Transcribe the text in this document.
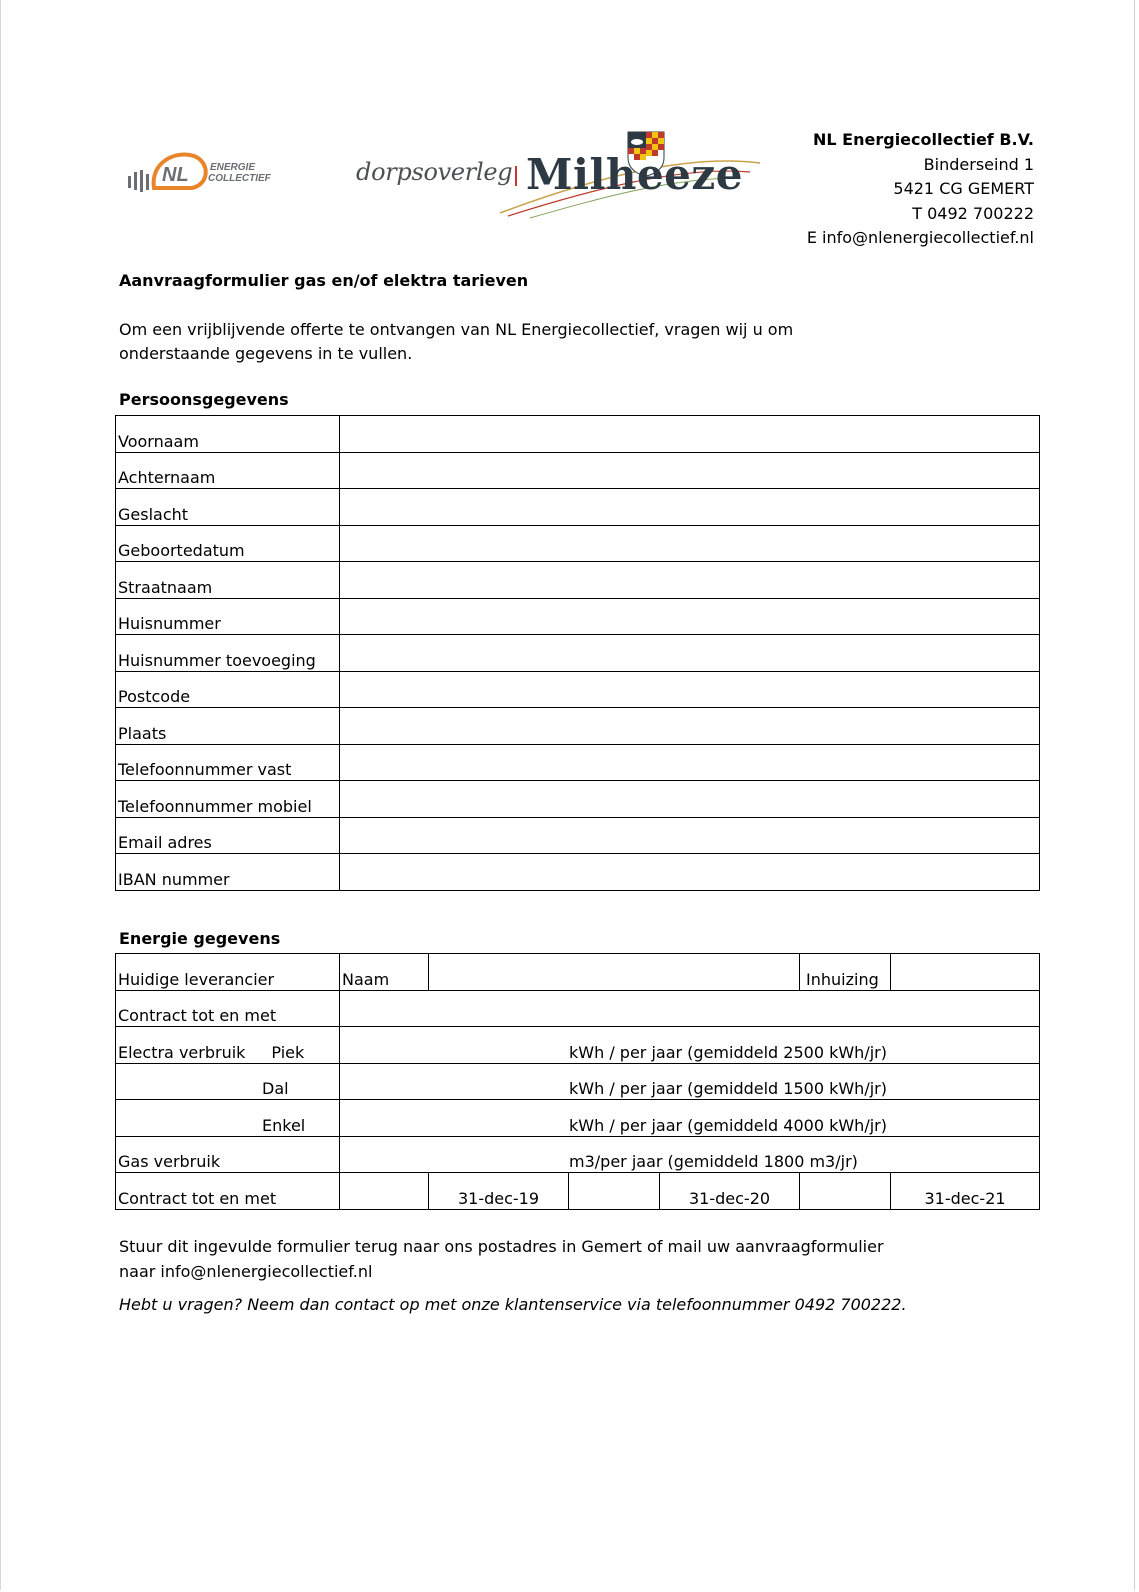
NL ENERGIE
COLLECTIEF	dorpsoverleg Milheeze
NL Energiecollectief B.V.
Binderseind 1
5421 CG GEMERT
T 0492 700222
E info@nlenergiecollectief.nl
Aanvraagformulier gas en/of elektra tarieven
Om een vrijblijvende offerte te ontvangen van NL Energiecollectief, vragen wij u om onderstaande gegevens in te vullen.
Persoonsgegevens
Voornaam	
Achternaam	
Geslacht	
Geboortedatum	
Straatnaam	
Huisnummer	
Huisnummer toevoeging	
Postcode	
Plaats	
Telefoonnummer vast	
Telefoonnummer mobiel	
Email adres	
IBAN nummer	
Energie gegevens
Huidige leverancier	Naam				Inhuizing	
Contract tot en met						
Electra verbruik Piek	kWh / per jaar (gemiddeld 2500 kWh/jr)					
Dal	kWh / per jaar (gemiddeld 1500 kWh/jr)					
Enkel	kWh / per jaar (gemiddeld 4000 kWh/jr)					
Gas verbruik	m3/per jaar (gemiddeld 1800 m3/jr)					
Contract tot en met		31-dec-19		31-dec-20		31-dec-21
Stuur dit ingevulde formulier terug naar ons postadres in Gemert of mail uw aanvraagformulier naar info@nlenergiecollectief.nl
Hebt u vragen? Neem dan contact op met onze klantenservice via telefoonnummer 0492 700222.
